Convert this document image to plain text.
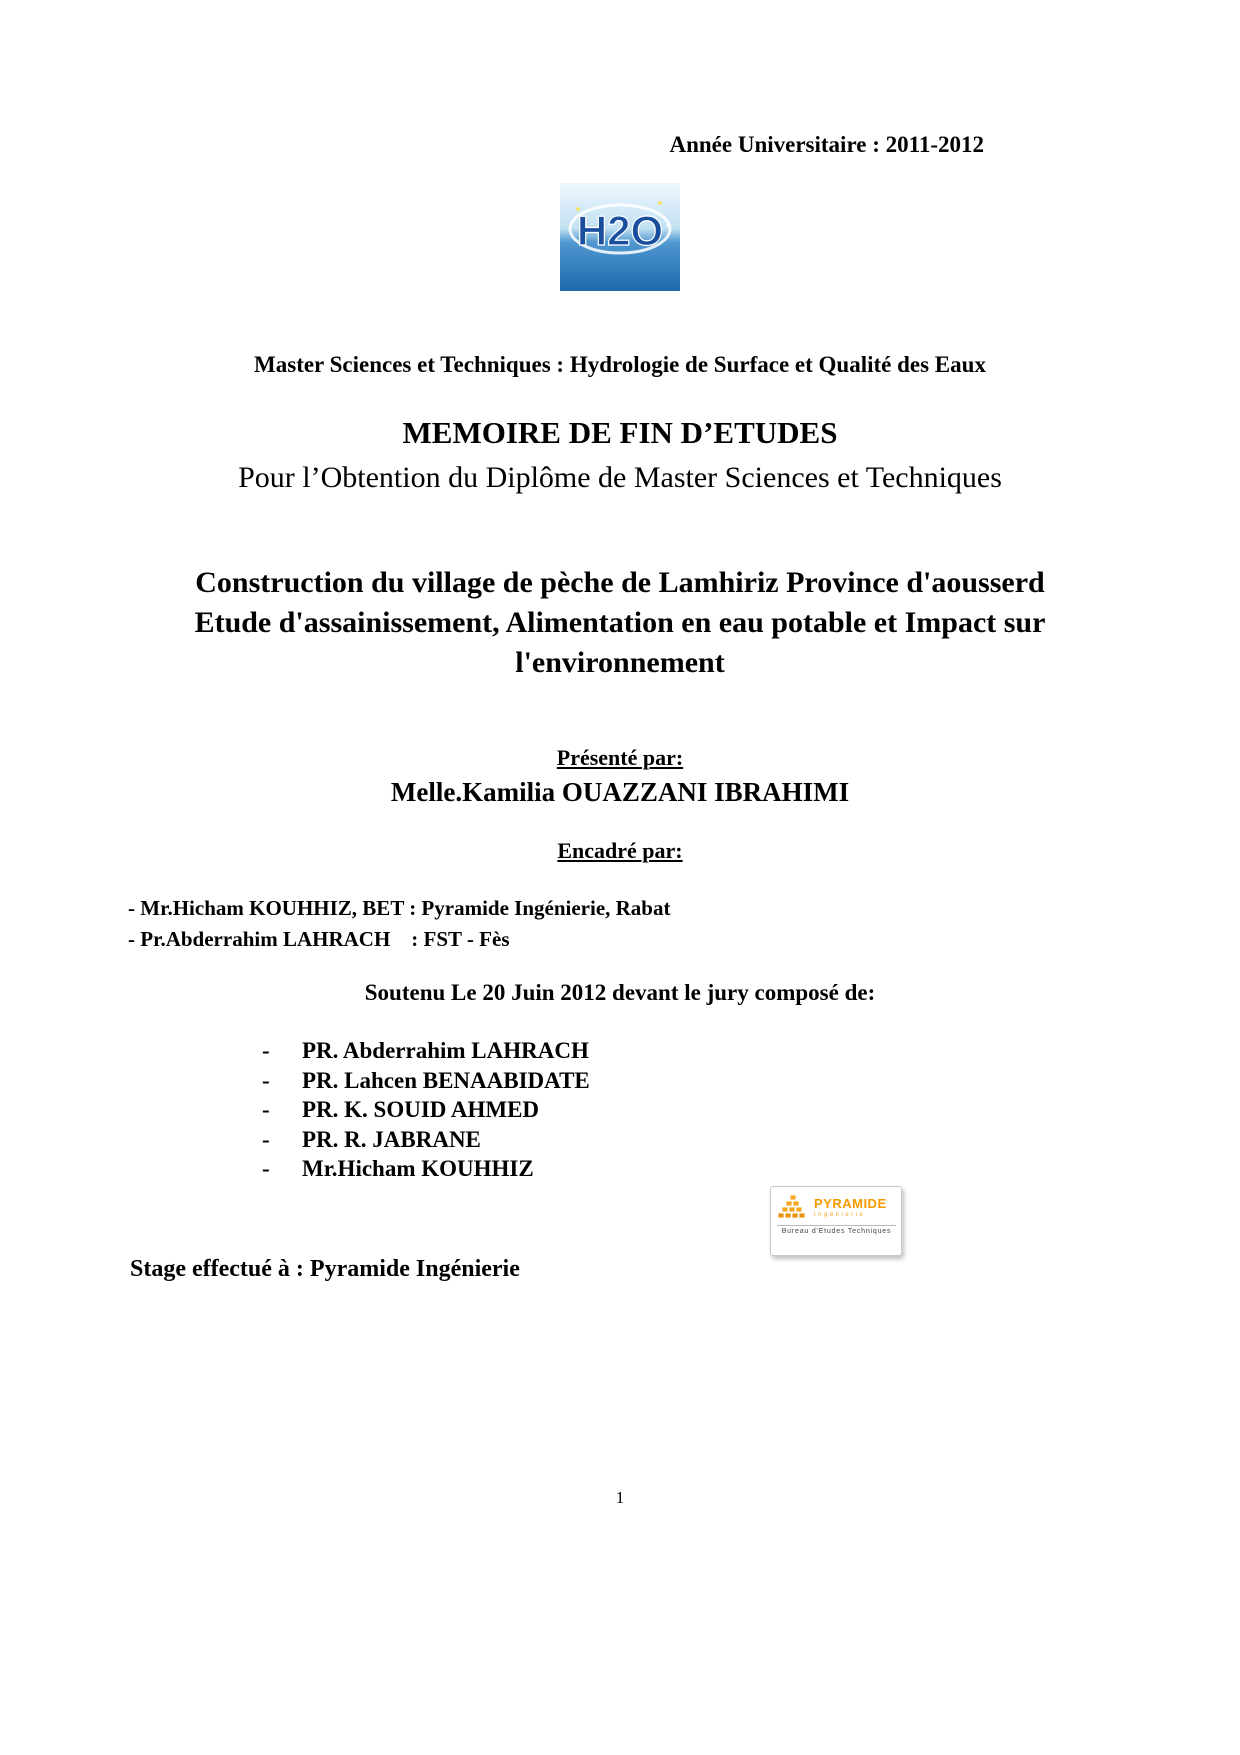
Année Universitaire : 2011-2012
H2O
Master Sciences et Techniques : Hydrologie de Surface et Qualité des Eaux
MEMOIRE DE FIN D’ETUDES
Pour l’Obtention du Diplôme de Master Sciences et Techniques
Construction du village de pèche de Lamhiriz Province d'aousserd Etude d'assainissement, Alimentation en eau potable et Impact sur l'environnement
Présenté par:
Melle.Kamilia OUAZZANI IBRAHIMI
Encadré par:
- Mr.Hicham KOUHHIZ, BET : Pyramide Ingénierie, Rabat
- Pr.Abderrahim LAHRACH    : FST - Fès
Soutenu Le 20 Juin 2012 devant le jury composé de:
-	PR. Abderrahim LAHRACH
-	PR. Lahcen BENAABIDATE
-	PR. K. SOUID AHMED
-	PR. R. JABRANE
-	Mr.Hicham KOUHHIZ
PYRAMIDE
Ingénierie
Bureau d'Etudes Techniques
Stage effectué à : Pyramide Ingénierie
1
